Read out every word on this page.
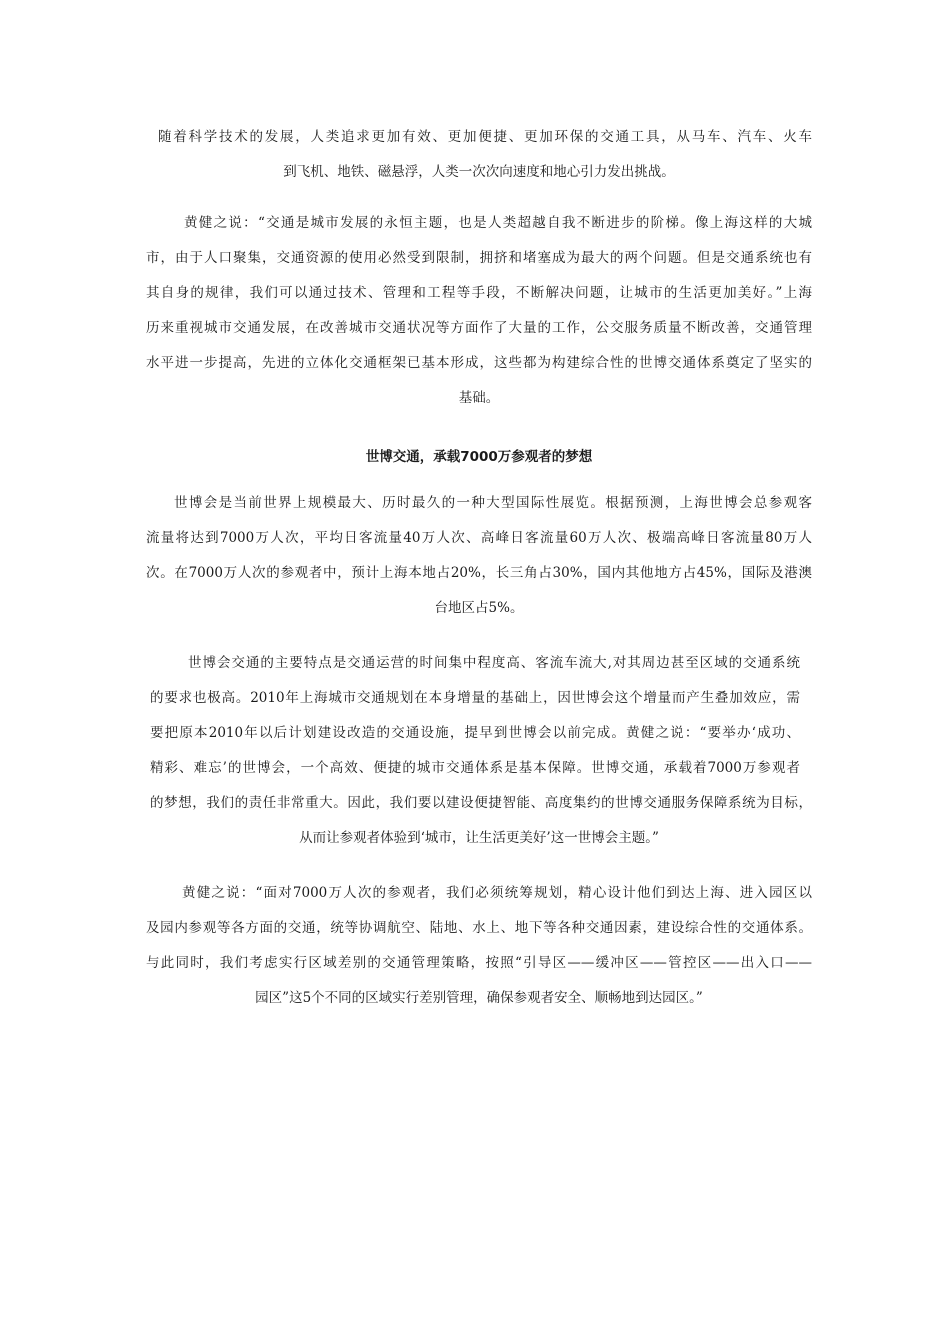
随着科学技术的发展，人类追求更加有效、更加便捷、更加环保的交通工具，从马车、汽车、火车
到飞机、地铁、磁悬浮，人类一次次向速度和地心引力发出挑战。
黄健之说：“交通是城市发展的永恒主题，也是人类超越自我不断进步的阶梯。像上海这样的大城
市，由于人口聚集，交通资源的使用必然受到限制，拥挤和堵塞成为最大的两个问题。但是交通系统也有
其自身的规律，我们可以通过技术、管理和工程等手段，不断解决问题，让城市的生活更加美好。”上海
历来重视城市交通发展，在改善城市交通状况等方面作了大量的工作，公交服务质量不断改善，交通管理
水平进一步提高，先进的立体化交通框架已基本形成，这些都为构建综合性的世博交通体系奠定了坚实的
基础。
世博交通，承载7000万参观者的梦想
世博会是当前世界上规模最大、历时最久的一种大型国际性展览。根据预测，上海世博会总参观客
流量将达到7000万人次，平均日客流量40万人次、高峰日客流量60万人次、极端高峰日客流量80万人
次。在7000万人次的参观者中，预计上海本地占20%，长三角占30%，国内其他地方占45%，国际及港澳
台地区占5%。
世博会交通的主要特点是交通运营的时间集中程度高、客流车流大,对其周边甚至区域的交通系统
的要求也极高。2010年上海城市交通规划在本身增量的基础上，因世博会这个增量而产生叠加效应，需
要把原本2010年以后计划建设改造的交通设施，提早到世博会以前完成。黄健之说：“要举办‘成功、
精彩、难忘’的世博会，一个高效、便捷的城市交通体系是基本保障。世博交通，承载着7000万参观者
的梦想，我们的责任非常重大。因此，我们要以建设便捷智能、高度集约的世博交通服务保障系统为目标，
从而让参观者体验到‘城市，让生活更美好’这一世博会主题。”
黄健之说：“面对7000万人次的参观者，我们必须统筹规划，精心设计他们到达上海、进入园区以
及园内参观等各方面的交通，统等协调航空、陆地、水上、地下等各种交通因素，建设综合性的交通体系。
与此同时，我们考虑实行区域差别的交通管理策略，按照“引导区——缓冲区——管控区——出入口——
园区”这5个不同的区域实行差别管理，确保参观者安全、顺畅地到达园区。”
